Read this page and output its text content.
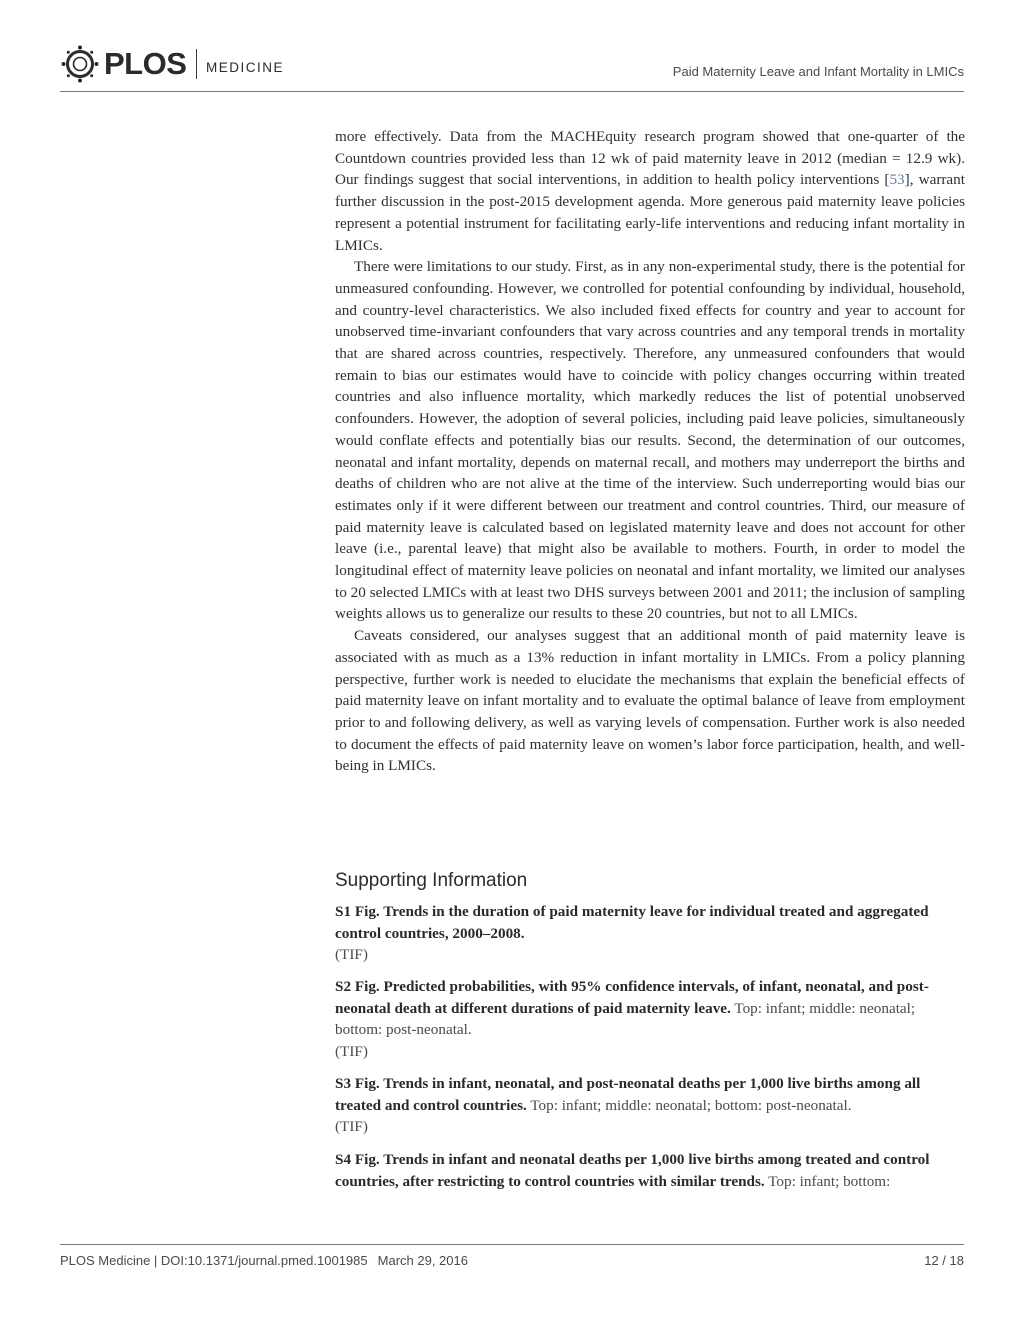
PLOS MEDICINE	Paid Maternity Leave and Infant Mortality in LMICs

more effectively. Data from the MACHEquity research program showed that one-quarter of the Countdown countries provided less than 12 wk of paid maternity leave in 2012 (median = 12.9 wk). Our findings suggest that social interventions, in addition to health policy interventions [53], warrant further discussion in the post-2015 development agenda. More generous paid maternity leave policies represent a potential instrument for facilitating early-life interventions and reducing infant mortality in LMICs.

There were limitations to our study. First, as in any non-experimental study, there is the potential for unmeasured confounding. However, we controlled for potential confounding by individual, household, and country-level characteristics. We also included fixed effects for country and year to account for unobserved time-invariant confounders that vary across countries and any temporal trends in mortality that are shared across countries, respectively. Therefore, any unmeasured confounders that would remain to bias our estimates would have to coincide with policy changes occurring within treated countries and also influence mortality, which markedly reduces the list of potential unobserved confounders. However, the adoption of several policies, including paid leave policies, simultaneously would conflate effects and potentially bias our results. Second, the determination of our outcomes, neonatal and infant mortality, depends on maternal recall, and mothers may underreport the births and deaths of children who are not alive at the time of the interview. Such underreporting would bias our estimates only if it were different between our treatment and control countries. Third, our measure of paid maternity leave is calculated based on legislated maternity leave and does not account for other leave (i.e., parental leave) that might also be available to mothers. Fourth, in order to model the longitudinal effect of maternity leave policies on neonatal and infant mortality, we limited our analyses to 20 selected LMICs with at least two DHS surveys between 2001 and 2011; the inclusion of sampling weights allows us to generalize our results to these 20 countries, but not to all LMICs.

Caveats considered, our analyses suggest that an additional month of paid maternity leave is associated with as much as a 13% reduction in infant mortality in LMICs. From a policy planning perspective, further work is needed to elucidate the mechanisms that explain the beneficial effects of paid maternity leave on infant mortality and to evaluate the optimal balance of leave from employment prior to and following delivery, as well as varying levels of compensation. Further work is also needed to document the effects of paid maternity leave on women’s labor force participation, health, and well-being in LMICs.

Supporting Information
S1 Fig. Trends in the duration of paid maternity leave for individual treated and aggregated control countries, 2000–2008.
(TIF)
S2 Fig. Predicted probabilities, with 95% confidence intervals, of infant, neonatal, and post-neonatal death at different durations of paid maternity leave. Top: infant; middle: neonatal; bottom: post-neonatal.
(TIF)
S3 Fig. Trends in infant, neonatal, and post-neonatal deaths per 1,000 live births among all treated and control countries. Top: infant; middle: neonatal; bottom: post-neonatal.
(TIF)
S4 Fig. Trends in infant and neonatal deaths per 1,000 live births among treated and control countries, after restricting to control countries with similar trends. Top: infant; bottom:
PLOS Medicine | DOI:10.1371/journal.pmed.1001985 March 29, 2016	12 / 18
